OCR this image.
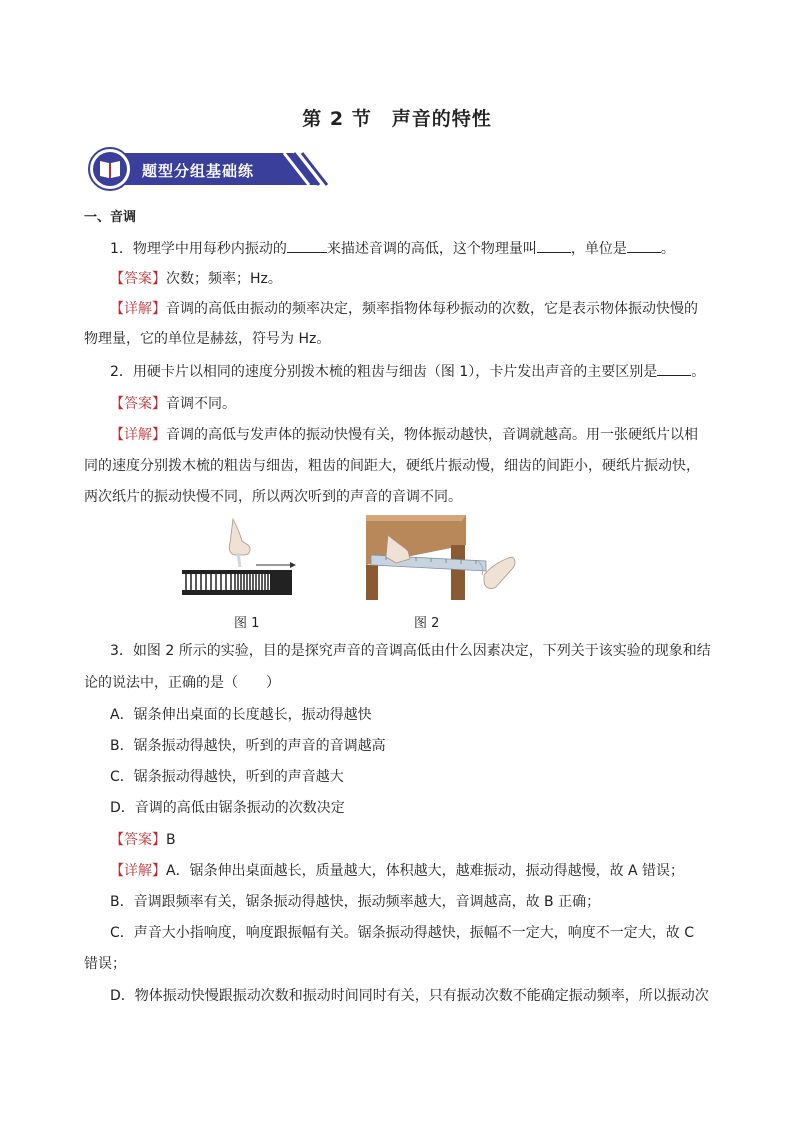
第 2 节　声音的特性
题型分组基础练
一、音调
1．物理学中用每秒内振动的	来描述音调的高低，这个物理量叫 ，单位是 。
【答案】次数；频率；Hz。
【详解】音调的高低由振动的频率决定，频率指物体每秒振动的次数，它是表示物体振动快慢的
物理量，它的单位是赫兹，符号为 Hz。
2．用硬卡片以相同的速度分别拨木梳的粗齿与细齿（图 1），卡片发出声音的主要区别是 。
【答案】音调不同。
【详解】音调的高低与发声体的振动快慢有关，物体振动越快，音调就越高。用一张硬纸片以相
同的速度分别拨木梳的粗齿与细齿，粗齿的间距大，硬纸片振动慢，细齿的间距小，硬纸片振动快，
两次纸片的振动快慢不同，所以两次听到的声音的音调不同。
图 1	图 2
3．如图 2 所示的实验，目的是探究声音的音调高低由什么因素决定，下列关于该实验的现象和结
论的说法中，正确的是（　　）
A．锯条伸出桌面的长度越长，振动得越快
B．锯条振动得越快，听到的声音的音调越高
C．锯条振动得越快，听到的声音越大
D．音调的高低由锯条振动的次数决定
【答案】B
【详解】A．锯条伸出桌面越长，质量越大，体积越大，越难振动，振动得越慢，故 A 错误；
B．音调跟频率有关，锯条振动得越快，振动频率越大，音调越高，故 B 正确；
C．声音大小指响度，响度跟振幅有关。锯条振动得越快，振幅不一定大，响度不一定大，故 C
错误；
D．物体振动快慢跟振动次数和振动时间同时有关，只有振动次数不能确定振动频率，所以振动次
